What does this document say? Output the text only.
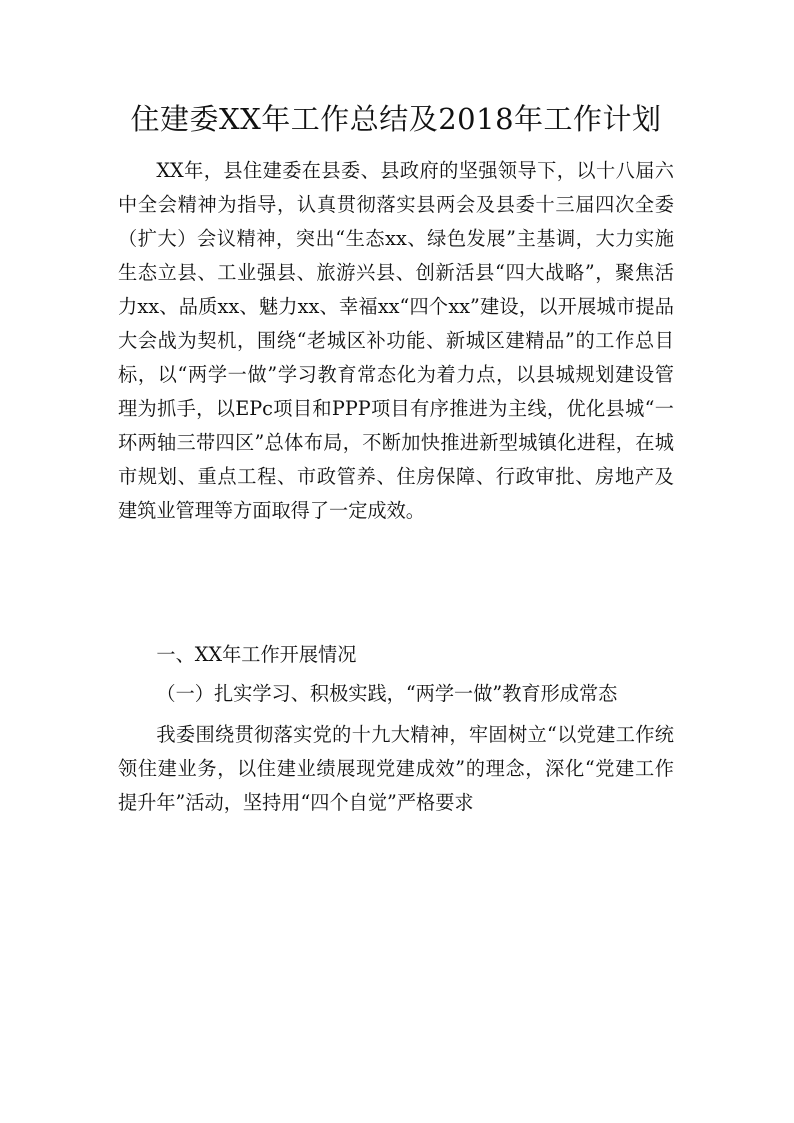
住建委XX年工作总结及2018年工作计划

XX年，县住建委在县委、县政府的坚强领导下，以十八届六中全会精神为指导，认真贯彻落实县两会及县委十三届四次全委（扩大）会议精神，突出“生态xx、绿色发展”主基调，大力实施生态立县、工业强县、旅游兴县、创新活县“四大战略”，聚焦活力xx、品质xx、魅力xx、幸福xx“四个xx”建设，以开展城市提品大会战为契机，围绕“老城区补功能、新城区建精品”的工作总目标，以“两学一做”学习教育常态化为着力点，以县城规划建设管理为抓手，以EPc项目和PPP项目有序推进为主线，优化县城“一环两轴三带四区”总体布局，不断加快推进新型城镇化进程，在城市规划、重点工程、市政管养、住房保障、行政审批、房地产及建筑业管理等方面取得了一定成效。

一、XX年工作开展情况

（一）扎实学习、积极实践，“两学一做”教育形成常态

我委围绕贯彻落实党的十九大精神，牢固树立“以党建工作统领住建业务，以住建业绩展现党建成效”的理念，深化“党建工作提升年”活动，坚持用“四个自觉”严格要求
